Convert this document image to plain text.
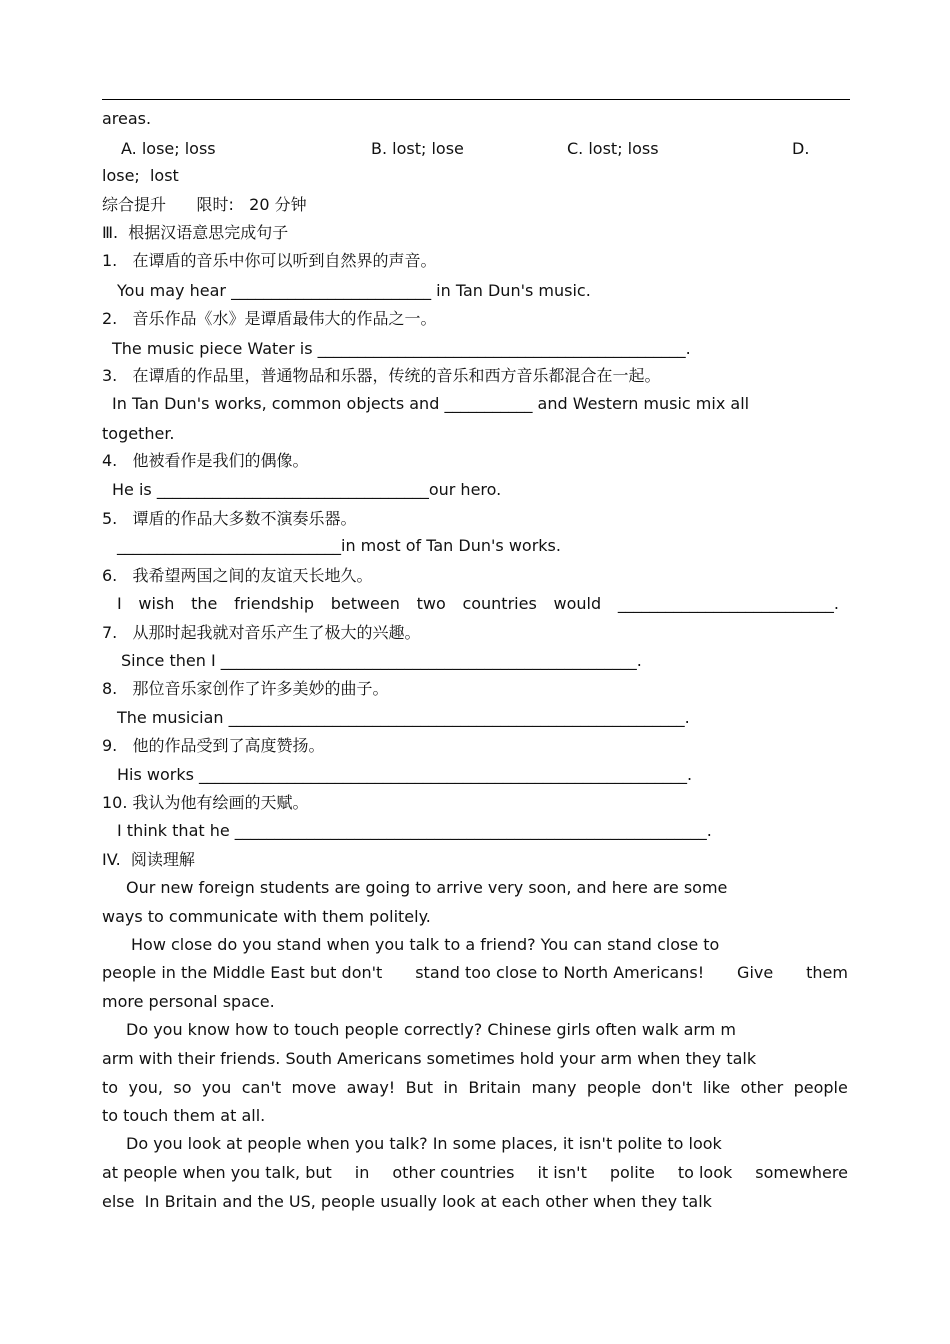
areas.
A. lose; loss	B. lost; lose	C. lost; loss	D.
lose;  lost
综合提升      限时:   20 分钟
Ⅲ.  根据汉语意思完成句子
1.   在谭盾的音乐中你可以听到自然界的声音。
You may hear _________________________ in Tan Dun's music.
2.   音乐作品《水》是谭盾最伟大的作品之一。
The music piece Water is ______________________________________________.
3.   在谭盾的作品里，普通物品和乐器，传统的音乐和西方音乐都混合在一起。
In Tan Dun's works, common objects and ___________ and Western music mix all
together.
4.   他被看作是我们的偶像。
He is __________________________________our hero.
5.   谭盾的作品大多数不演奏乐器。
____________________________in most of Tan Dun's works.
6.   我希望两国之间的友谊天长地久。
I wish the friendship between two countries would ___________________________.
7.   从那时起我就对音乐产生了极大的兴趣。
Since then I ____________________________________________________.
8.   那位音乐家创作了许多美妙的曲子。
The musician _________________________________________________________.
9.   他的作品受到了高度赞扬。
His works _____________________________________________________________.
10. 我认为他有绘画的天赋。
I think that he ___________________________________________________________.
IV.  阅读理解
Our new foreign students are going to arrive very soon, and here are some
ways to communicate with them politely.
How close do you stand when you talk to a friend? You can stand close to
people in the Middle East but don't stand too close to North Americans! Give them
more personal space.
Do you know how to touch people correctly? Chinese girls often walk arm m
arm with their friends. South Americans sometimes hold your arm when they talk
to you, so you can't move away! But in Britain many people don't like other people
to touch them at all.
Do you look at people when you talk? In some places, it isn't polite to look
at people when you talk, but in other countries it isn't polite to look somewhere
else  In Britain and the US, people usually look at each other when they talk
